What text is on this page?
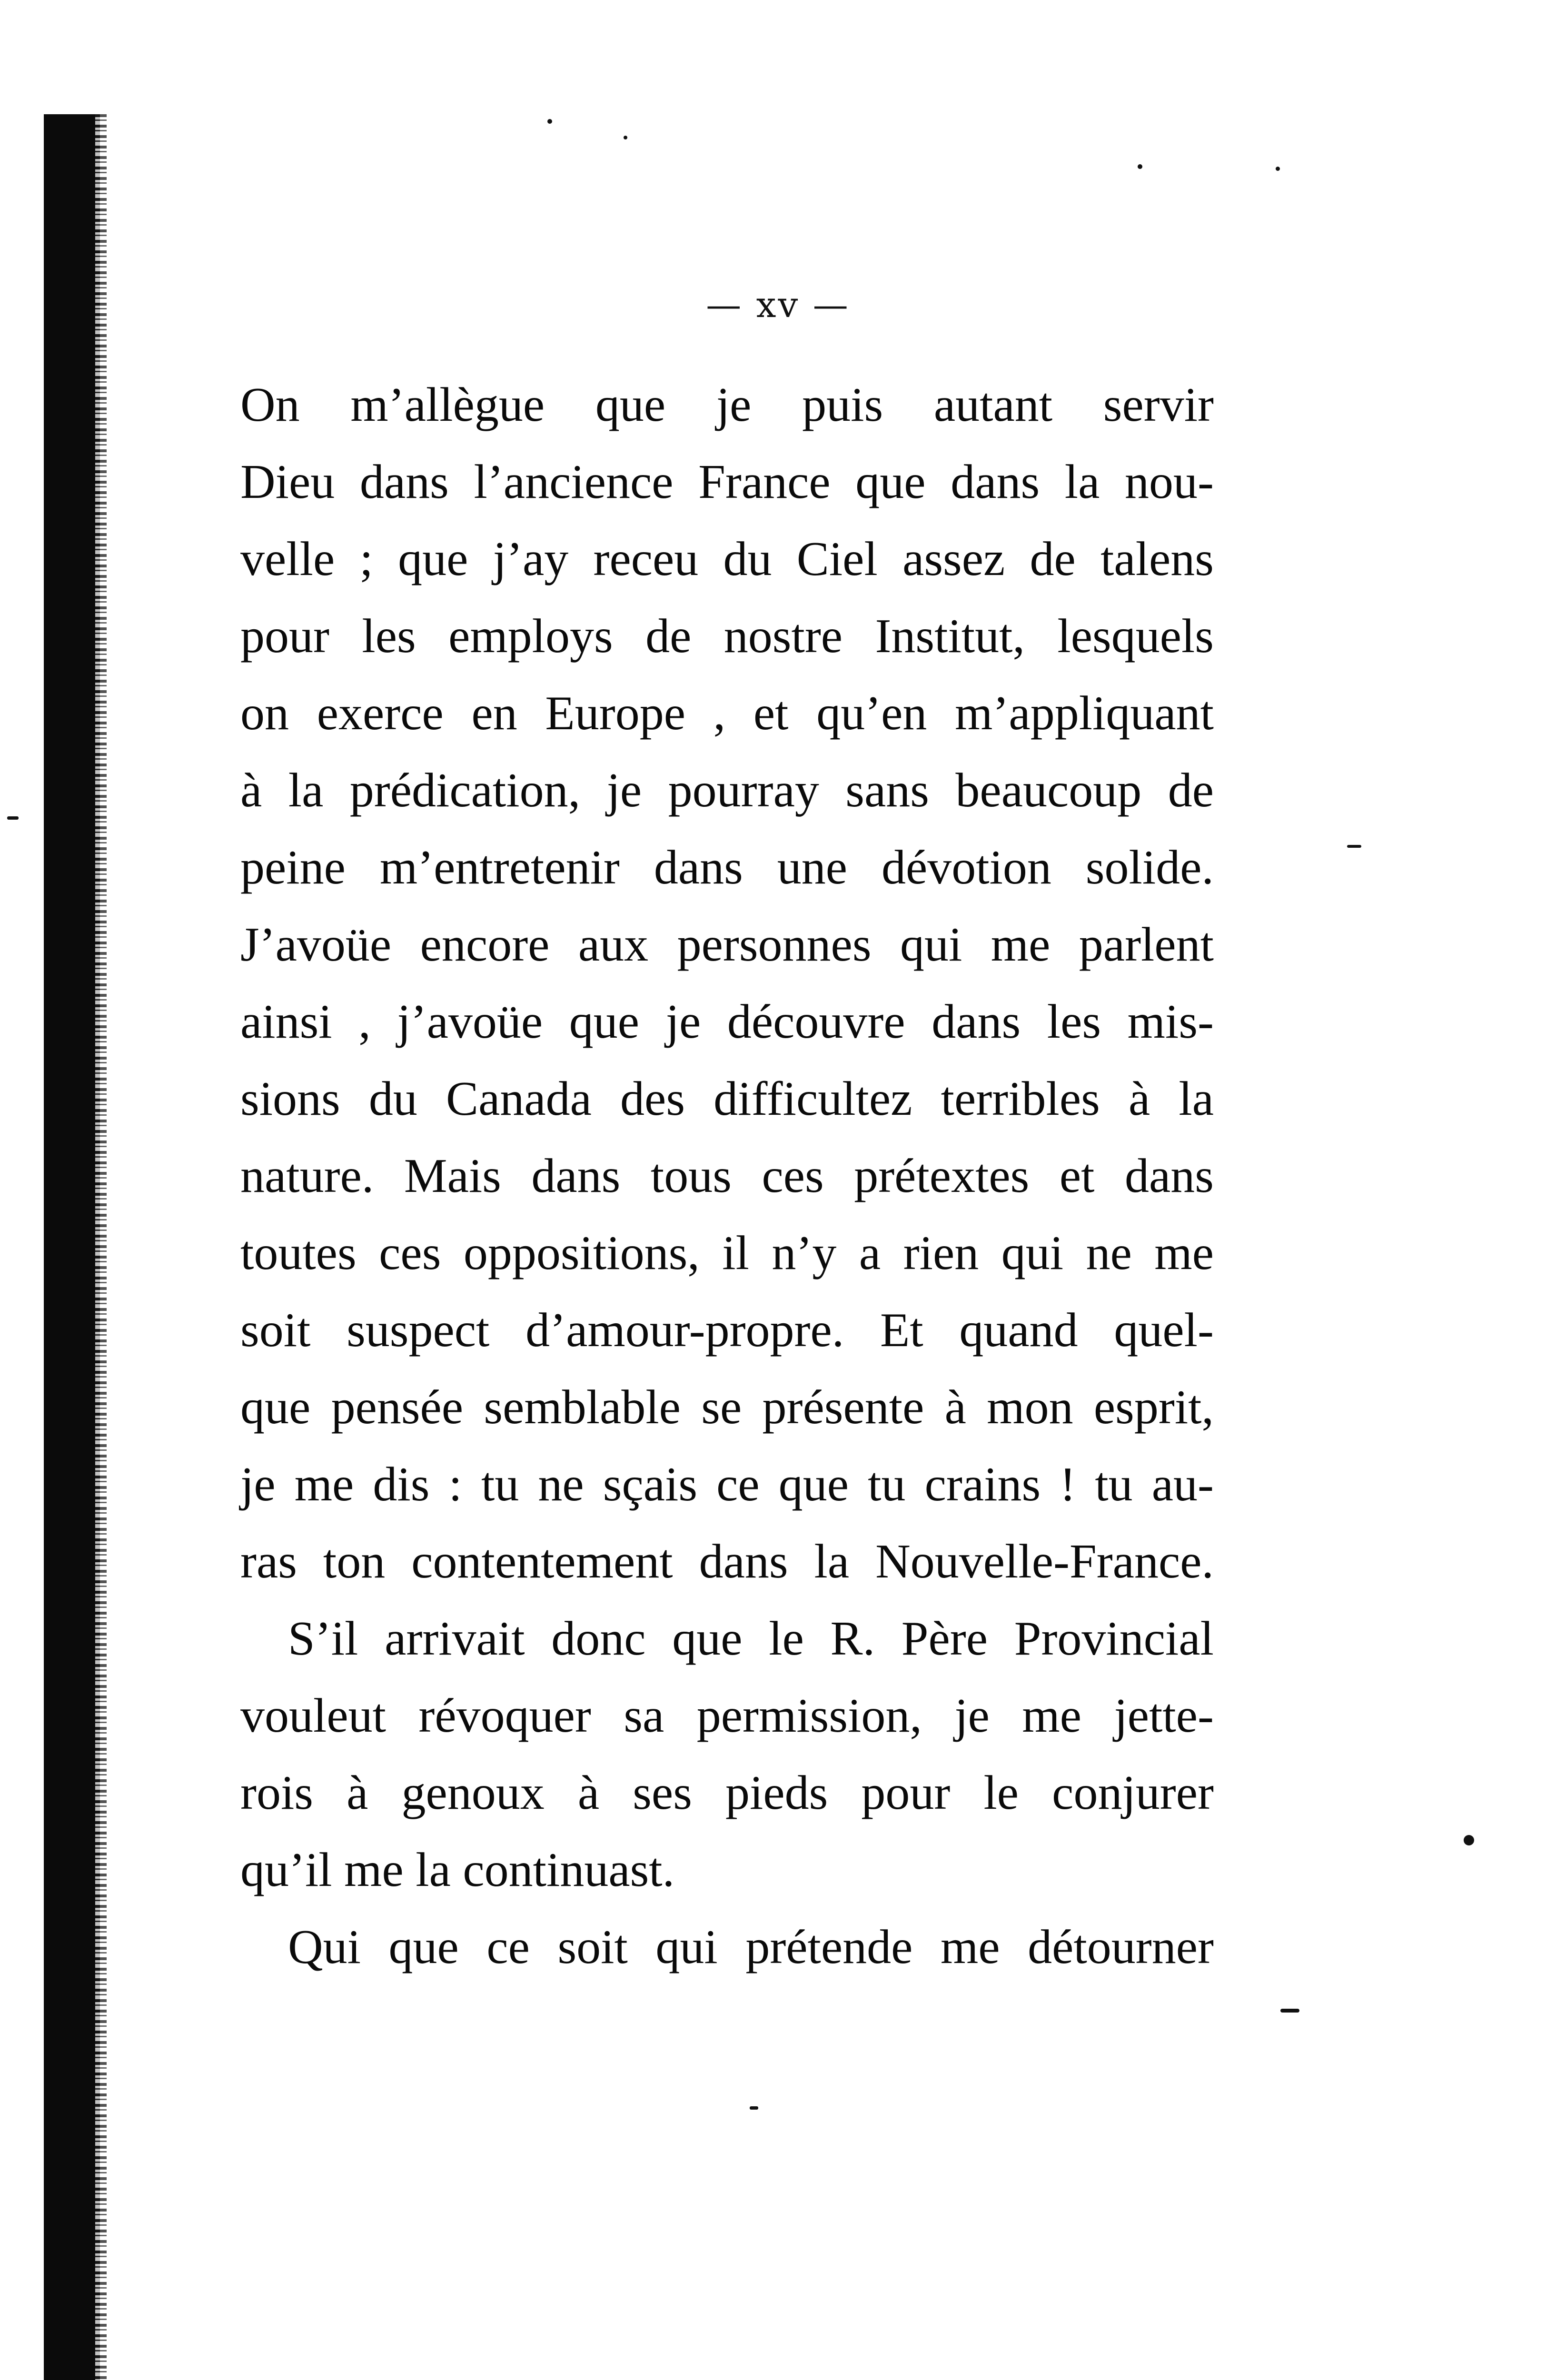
— xv —
On m’allègue que je puis autant servir
Dieu dans l’ancience France que dans la nou-
velle ; que j’ay receu du Ciel assez de talens
pour les employs de nostre Institut, lesquels
on exerce en Europe , et qu’en m’appliquant
à la prédication, je pourray sans beaucoup de
peine m’entretenir dans une dévotion solide.
J’avoüe encore aux personnes qui me parlent
ainsi , j’avoüe que je découvre dans les mis-
sions du Canada des difficultez terribles à la
nature. Mais dans tous ces prétextes et dans
toutes ces oppositions, il n’y a rien qui ne me
soit suspect d’amour-propre. Et quand quel-
que pensée semblable se présente à mon esprit,
je me dis : tu ne sçais ce que tu crains ! tu au-
ras ton contentement dans la Nouvelle-France.
S’il arrivait donc que le R. Père Provincial
vouleut révoquer sa permission, je me jette-
rois à genoux à ses pieds pour le conjurer
qu’il me la continuast.
Qui que ce soit qui prétende me détourner
